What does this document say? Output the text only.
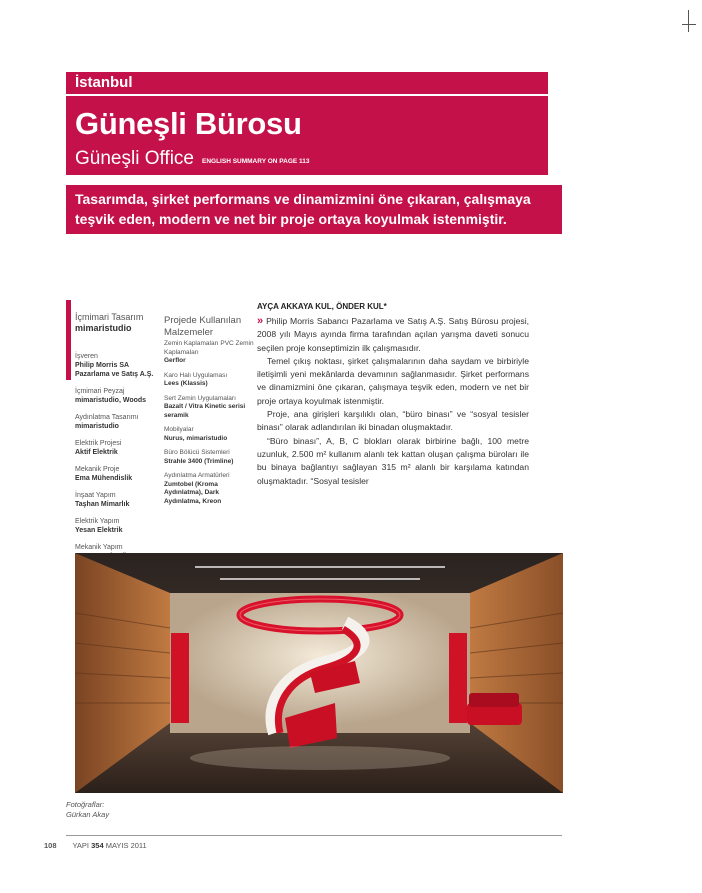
İstanbul
Güneşli Bürosu
Güneşli Office ENGLISH SUMMARY ON PAGE 113
Tasarımda, şirket performans ve dinamizmini öne çıkaran, çalışmaya
teşvik eden, modern ve net bir proje ortaya koyulmak istenmiştir.
İçmimari Tasarım
mimaristudio
İşveren
Philip Morris SA Pazarlama ve Satış A.Ş.
İçmimari Peyzaj
mimaristudio, Woods
Aydınlatma Tasarımı
mimaristudio
Elektrik Projesi
Aktif Elektrik
Mekanik Proje
Ema Mühendislik
İnşaat Yapım
Taşhan Mimarlık
Elektrik Yapım
Yesan Elektrik
Mekanik Yapım
Projede Kullanılan Malzemeler
Zemin Kaplamaları PVC Zemin Kaplamaları
Gerflor
Karo Halı Uygulaması
Lees (Klassis)
Sert Zemin Uygulamaları
Bazalt / Vitra Kinetic serisi seramik
Mobilyalar
Nurus, mimaristudio
Büro Bölücü Sistemleri
Strahle 3400 (Trimline)
Aydınlatma Armatürleri
Zumtobel (Kroma Aydınlatma), Dark Aydınlatma, Kreon
AYÇA AKKAYA KUL, ÖNDER KUL*

» Philip Morris Sabancı Pazarlama ve Satış A.Ş. Satış Bürosu projesi, 2008 yılı Mayıs ayında firma tarafından açılan yarışma daveti sonucu seçilen proje konseptimizin ilk çalışmasıdır.

Temel çıkış noktası, şirket çalışmalarının daha saydam ve birbiriyle iletişimli yeni mekânlarda devamının sağlanmasıdır. Şirket performans ve dinamizmini öne çıkaran, çalışmaya teşvik eden, modern ve net bir proje ortaya koyulmak istenmiştir.

Proje, ana girişleri karşılıklı olan, “büro binası” ve “sosyal tesisler binası” olarak adlandırılan iki binadan oluşmaktadır.

“Büro binası”, A, B, C blokları olarak birbirine bağlı, 100 metre uzunluk, 2.500 m² kullanım alanlı tek kattan oluşan çalışma büroları ile bu binaya bağlantıyı sağlayan 315 m² alanlı bir karşılama katından oluşmaktadır. “Sosyal tesisler

Fotoğraflar:
Gürkan Akay
108 YAPI 354 MAYIS 2011
